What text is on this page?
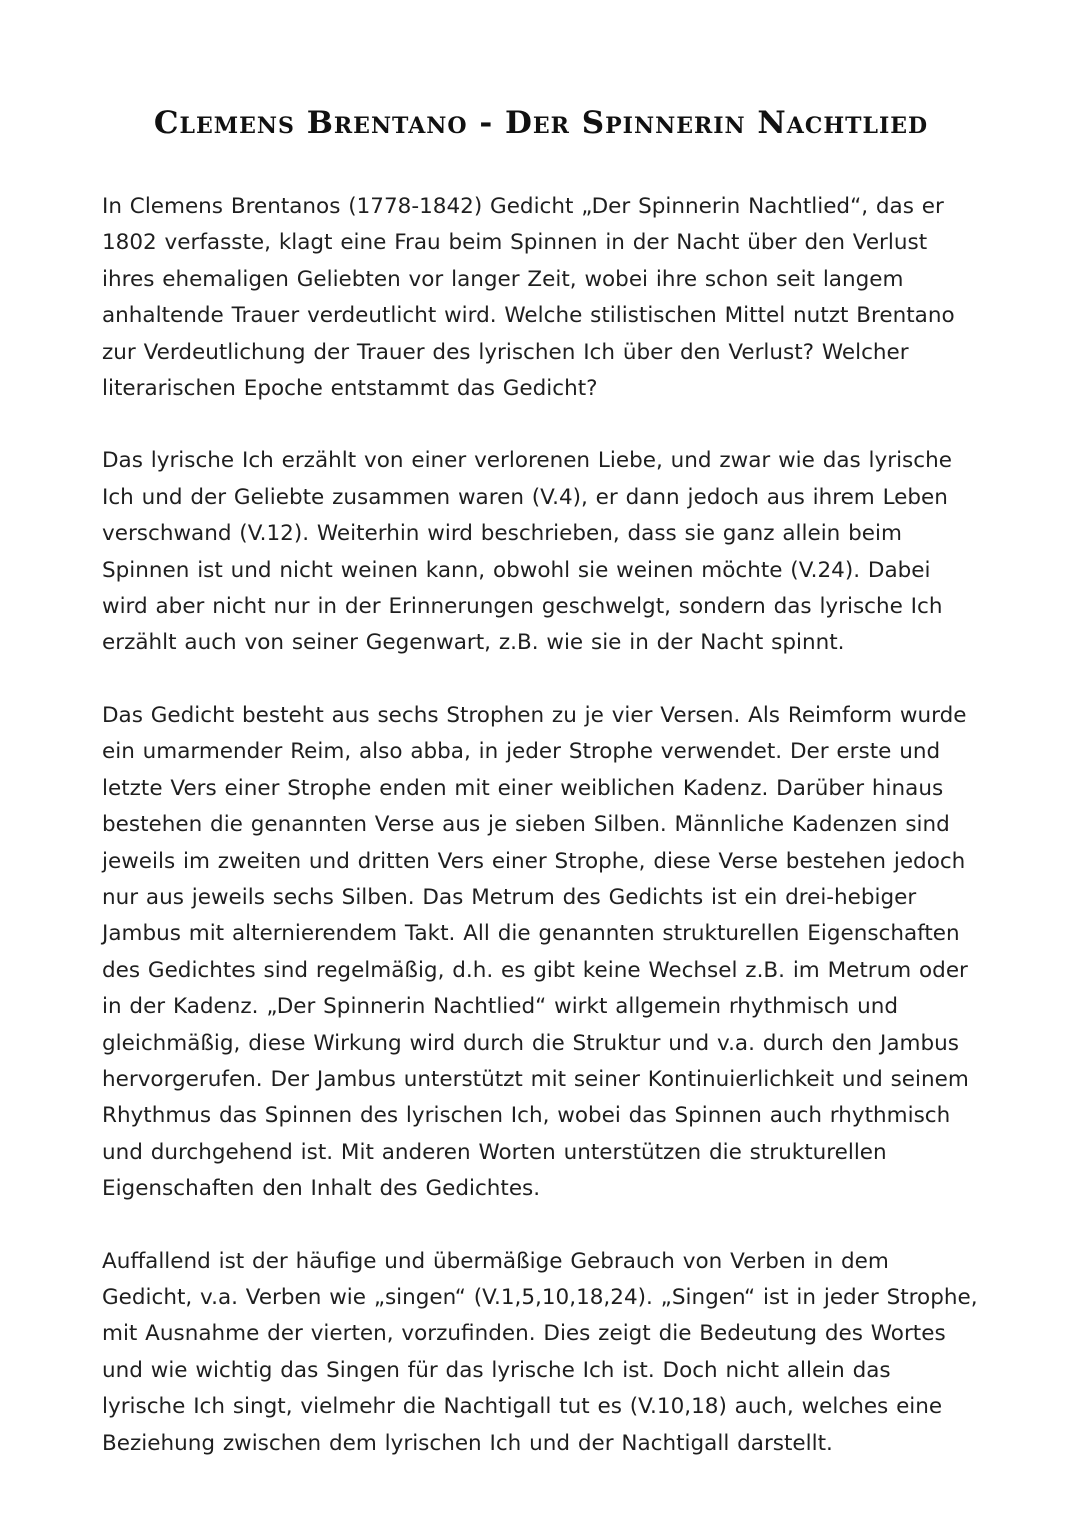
Clemens Brentano - Der Spinnerin Nachtlied

In Clemens Brentanos (1778-1842) Gedicht „Der Spinnerin Nachtlied“, das er 1802 verfasste, klagt eine Frau beim Spinnen in der Nacht über den Verlust ihres ehemaligen Geliebten vor langer Zeit, wobei ihre schon seit langem anhaltende Trauer verdeutlicht wird. Welche stilistischen Mittel nutzt Brentano zur Verdeutlichung der Trauer des lyrischen Ich über den Verlust? Welcher literarischen Epoche entstammt das Gedicht?

Das lyrische Ich erzählt von einer verlorenen Liebe, und zwar wie das lyrische Ich und der Geliebte zusammen waren (V.4), er dann jedoch aus ihrem Leben verschwand (V.12). Weiterhin wird beschrieben, dass sie ganz allein beim Spinnen ist und nicht weinen kann, obwohl sie weinen möchte (V.24). Dabei wird aber nicht nur in der Erinnerungen geschwelgt, sondern das lyrische Ich erzählt auch von seiner Gegenwart, z.B. wie sie in der Nacht spinnt.

Das Gedicht besteht aus sechs Strophen zu je vier Versen. Als Reimform wurde ein umarmender Reim, also abba, in jeder Strophe verwendet. Der erste und letzte Vers einer Strophe enden mit einer weiblichen Kadenz. Darüber hinaus bestehen die genannten Verse aus je sieben Silben. Männliche Kadenzen sind jeweils im zweiten und dritten Vers einer Strophe, diese Verse bestehen jedoch nur aus jeweils sechs Silben. Das Metrum des Gedichts ist ein drei-hebiger Jambus mit alternierendem Takt. All die genannten strukturellen Eigenschaften des Gedichtes sind regelmäßig, d.h. es gibt keine Wechsel z.B. im Metrum oder in der Kadenz. „Der Spinnerin Nachtlied“ wirkt allgemein rhythmisch und gleichmäßig, diese Wirkung wird durch die Struktur und v.a. durch den Jambus hervorgerufen. Der Jambus unterstützt mit seiner Kontinuierlichkeit und seinem Rhythmus das Spinnen des lyrischen Ich, wobei das Spinnen auch rhythmisch und durchgehend ist. Mit anderen Worten unterstützen die strukturellen Eigenschaften den Inhalt des Gedichtes.

Auffallend ist der häufige und übermäßige Gebrauch von Verben in dem Gedicht, v.a. Verben wie „singen“ (V.1,5,10,18,24). „Singen“ ist in jeder Strophe, mit Ausnahme der vierten, vorzufinden. Dies zeigt die Bedeutung des Wortes und wie wichtig das Singen für das lyrische Ich ist. Doch nicht allein das lyrische Ich singt, vielmehr die Nachtigall tut es (V.10,18) auch, welches eine Beziehung zwischen dem lyrischen Ich und der Nachtigall darstellt.
